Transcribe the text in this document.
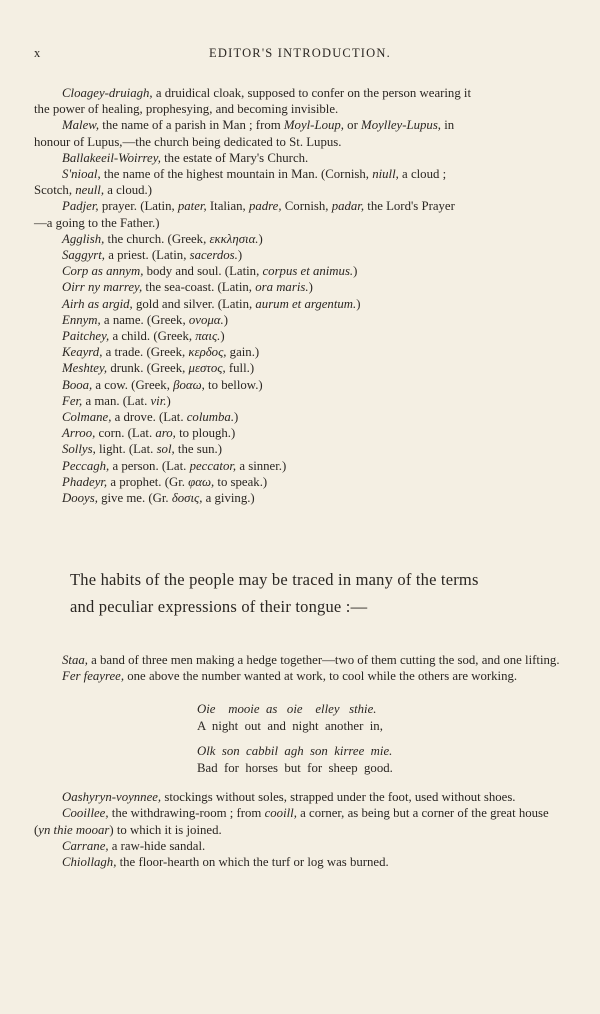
x	EDITOR'S INTRODUCTION.
Cloagey-druiagh, a druidical cloak, supposed to confer on the person wearing it
the power of healing, prophesying, and becoming invisible.
Malew, the name of a parish in Man ; from Moyl-Loup, or Moylley-Lupus, in
honour of Lupus,—the church being dedicated to St. Lupus.
Ballakeeil-Woirrey, the estate of Mary's Church.
S'nioal, the name of the highest mountain in Man. (Cornish, niull, a cloud ;
Scotch, neull, a cloud.)
Padjer, prayer. (Latin, pater, Italian, padre, Cornish, padar, the Lord's Prayer
—a going to the Father.)
Agglish, the church. (Greek, εκκλησια.)
Saggyrt, a priest. (Latin, sacerdos.)
Corp as annym, body and soul. (Latin, corpus et animus.)
Oirr ny marrey, the sea-coast. (Latin, ora maris.)
Airh as argid, gold and silver. (Latin, aurum et argentum.)
Ennym, a name. (Greek, ονομα.)
Paitchey, a child. (Greek, παις.)
Keayrd, a trade. (Greek, κερδος, gain.)
Meshtey, drunk. (Greek, μεστος, full.)
Booa, a cow. (Greek, βοαω, to bellow.)
Fer, a man. (Lat. vir.)
Colmane, a drove. (Lat. columba.)
Arroo, corn. (Lat. aro, to plough.)
Sollys, light. (Lat. sol, the sun.)
Peccagh, a person. (Lat. peccator, a sinner.)
Phadeyr, a prophet. (Gr. φαω, to speak.)
Dooys, give me. (Gr. δοσις, a giving.)
The habits of the people may be traced in many of the terms
and peculiar expressions of their tongue :—

Staa, a band of three men making a hedge together—two of them cutting the sod, and one lifting.

Fer feayree, one above the number wanted at work, to cool while the others are working.

Oie    mooie  as   oie    elley   sthie.
A  night  out  and  night  another  in,
Olk  son  cabbil  agh  son  kirree  mie.
Bad  for  horses  but  for  sheep  good.

Oashyryn-voynnee, stockings without soles, strapped under the foot, used without shoes.

Cooillee, the withdrawing-room ; from cooill, a corner, as being but a corner of the great house (yn thie mooar) to which it is joined.

Carrane, a raw-hide sandal.

Chiollagh, the floor-hearth on which the turf or log was burned.
